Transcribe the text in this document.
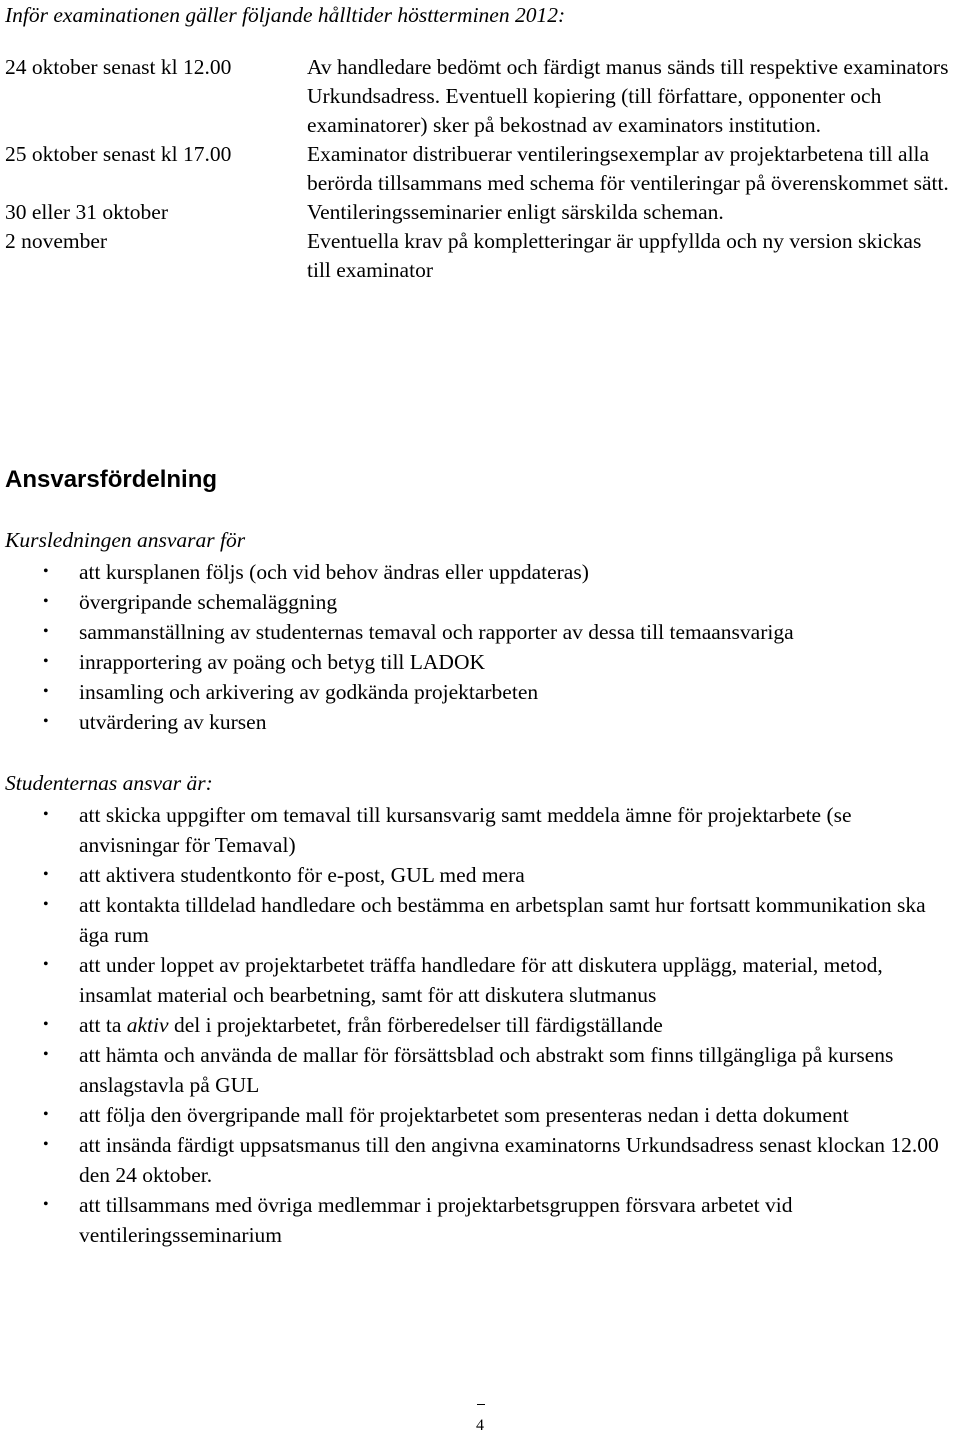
Inför examinationen gäller följande hålltider höstterminen 2012:
24 oktober senast kl 12.00	Av handledare bedömt och färdigt manus sänds till respektive examinators Urkundsadress. Eventuell kopiering (till författare, opponenter och examinatorer) sker på bekostnad av examinators institution.
25 oktober senast kl 17.00	Examinator distribuerar ventileringsexemplar av projektarbetena till alla berörda tillsammans med schema för ventileringar på överenskommet sätt.
30 eller 31 oktober	Ventileringsseminarier enligt särskilda scheman.
2 november	Eventuella krav på kompletteringar är uppfyllda och ny version skickas till examinator
Ansvarsfördelning
Kursledningen ansvarar för
• att kursplanen följs (och vid behov ändras eller uppdateras)
• övergripande schemaläggning
• sammanställning av studenternas temaval och rapporter av dessa till temaansvariga
• inrapportering av poäng och betyg till LADOK
• insamling och arkivering av godkända projektarbeten
• utvärdering av kursen
Studenternas ansvar är:
• att skicka uppgifter om temaval till kursansvarig samt meddela ämne för projektarbete (se anvisningar för Temaval)
• att aktivera studentkonto för e-post, GUL med mera
• att kontakta tilldelad handledare och bestämma en arbetsplan samt hur fortsatt kommunikation ska äga rum
• att under loppet av projektarbetet träffa handledare för att diskutera upplägg, material, metod, insamlat material och bearbetning, samt för att diskutera slutmanus
• att ta aktiv del i projektarbetet, från förberedelser till färdigställande
• att hämta och använda de mallar för försättsblad och abstrakt som finns tillgängliga på kursens anslagstavla på GUL
• att följa den övergripande mall för projektarbetet som presenteras nedan i detta dokument
• att insända färdigt uppsatsmanus till den angivna examinatorns Urkundsadress senast klockan 12.00 den 24 oktober.
• att tillsammans med övriga medlemmar i projektarbetsgruppen försvara arbetet vid ventileringsseminarium
4
